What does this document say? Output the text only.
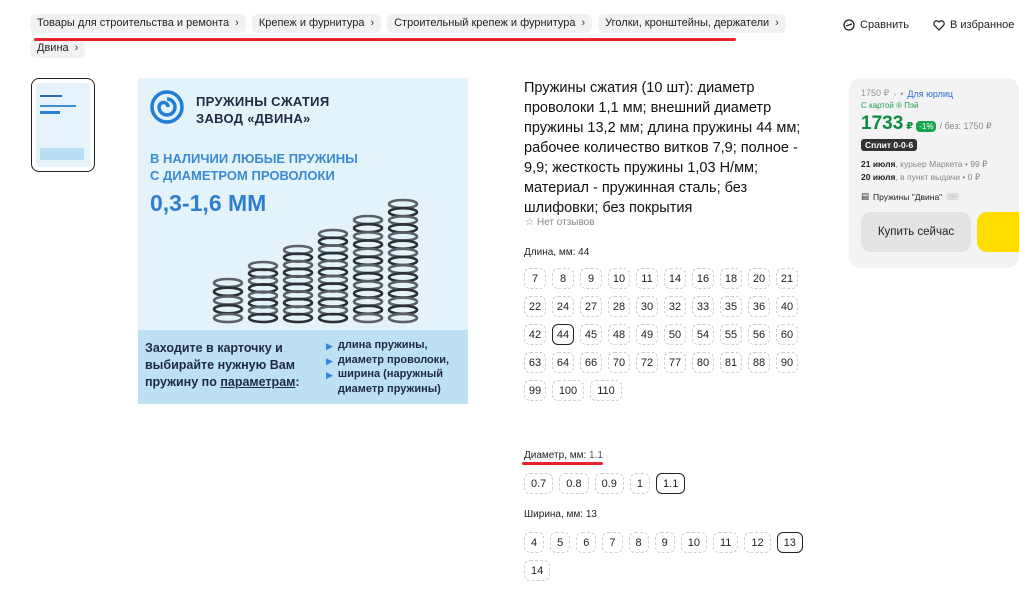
Товары для строительства и ремонта › Крепеж и фурнитура › Строительный крепеж и фурнитура › Уголки, кронштейны, держатели ›
Двина ›
Сравнить	В избранное
ПРУЖИНЫ СЖАТИЯ
ЗАВОД «ДВИНА»
В НАЛИЧИИ ЛЮБЫЕ ПРУЖИНЫ
С ДИАМЕТРОМ ПРОВОЛОКИ
0,3-1,6 ММ
Заходите в карточку и
выбирайте нужную Вам
пружину по параметрам:
▶ длина пружины,
▶ диаметр проволоки,
▶ ширина (наружный
диаметр пружины)
Пружины сжатия (10 шт): диаметр проволоки 1,1 мм; внешний диаметр пружины 13,2 мм; длина пружины 44 мм; рабочее количество витков 7,9; полное - 9,9; жесткость пружины 1,03 Н/мм; материал - пружинная сталь; без шлифовки; без покрытия
☆ Нет отзывов
Длина, мм: 44
7	8	9	10	11	14	16	18	20	21
22	24	27	28	30	32	33	35	36	40
42	44	45	48	49	50	54	55	56	60
63	64	66	70	72	77	80	81	88	90
99	100	110
Диаметр, мм: 1.1
0.7	0.8	0.9	1	1.1
Ширина, мм: 13
4	5	6	7	8	9	10	11	12	13
14
1750 ₽ › • Для юрлиц
С картой ® Пэй
1733 ₽ -1% / без: 1750 ₽
Сплит 0-0-6
21 июля, курьер Маркета • 99 ₽
20 июля, в пункт выдачи • 0 ₽
▤ Пружины "Двина"	···
Купить сейчас
